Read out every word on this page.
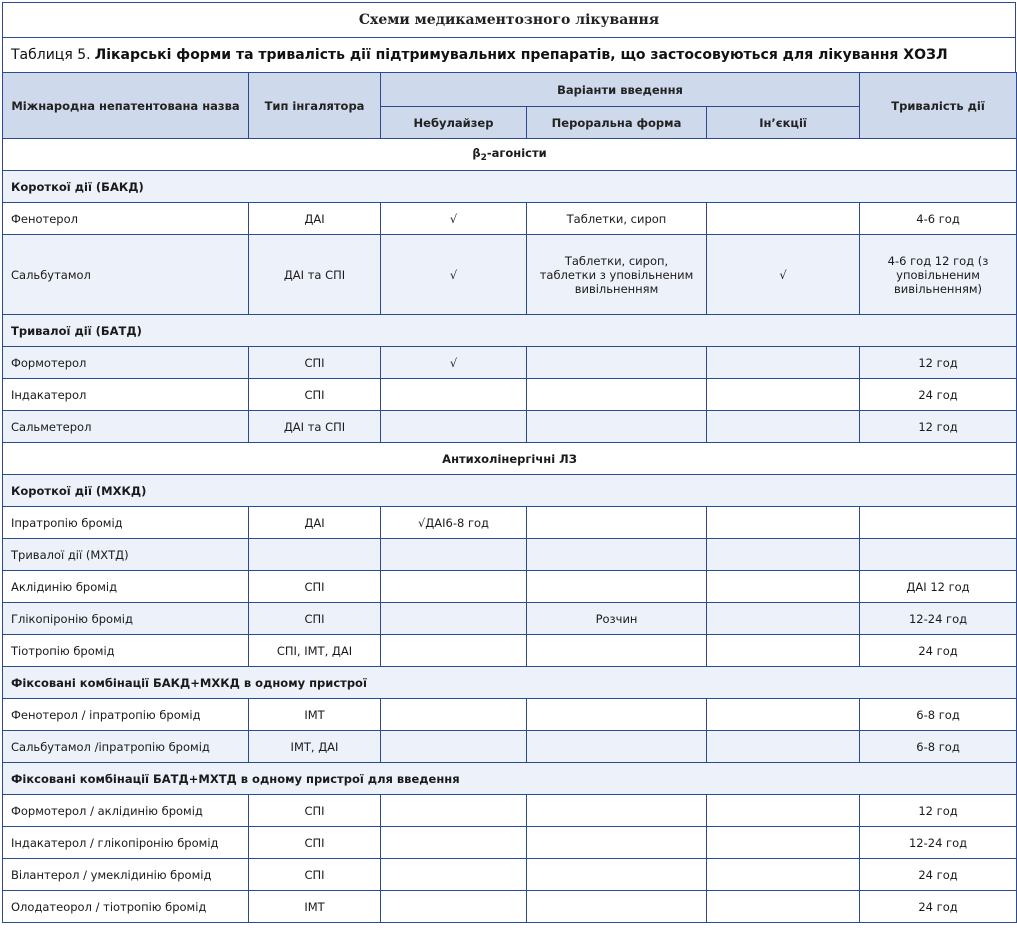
Схеми медикаментозного лікування
Таблиця 5. Лікарські форми та тривалість дії підтримувальних препаратів, що застосовуються для лікування ХОЗЛ
Міжнародна непатентована назва	Тип інгалятора	Варіанти введення			Тривалість дії
		Небулайзер	Пероральна форма	Ін’єкції	
$\beta_2$-агоністи					
Короткої дії (БАКД)					
Фенотерол	ДАІ	√	Таблетки, сироп		4-6 год
Сальбутамол	ДАІ та СПІ	√	Таблетки, сироп, таблетки з уповільненим вивільненням	√	4-6 год 12 год (з уповільненим вивільненням)
Тривалої дії (БАТД)					
Формотерол	СПІ	√			12 год
Індакатерол	СПІ				24 год
Сальметерол	ДАІ та СПІ				12 год
Антихолінергічні ЛЗ					
Короткої дії (МХКД)					
Іпратропію бромід	ДАІ	√ДАІ6-8 год			
Тривалої дії (МХТД)					
Аклідинію бромід	СПІ				ДАІ 12 год
Глікопіронію бромід	СПІ		Розчин		12-24 год
Тіотропію бромід	СПІ, ІМТ, ДАІ				24 год
Фіксовані комбінації БАКД+МХКД в одному пристрої					
Фенотерол / іпратропію бромід	ІМТ				6-8 год
Сальбутамол /іпратропію бромід	ІМТ, ДАІ				6-8 год
Фіксовані комбінації БАТД+МХТД в одному пристрої для введення					
Формотерол / аклідинію бромід	СПІ				12 год
Індакатерол / глікопіронію бромід	СПІ				12-24 год
Вілантерол / умеклідинію бромід	СПІ				24 год
Олодатеорол / тіотропію бромід	ІМТ				24 год
